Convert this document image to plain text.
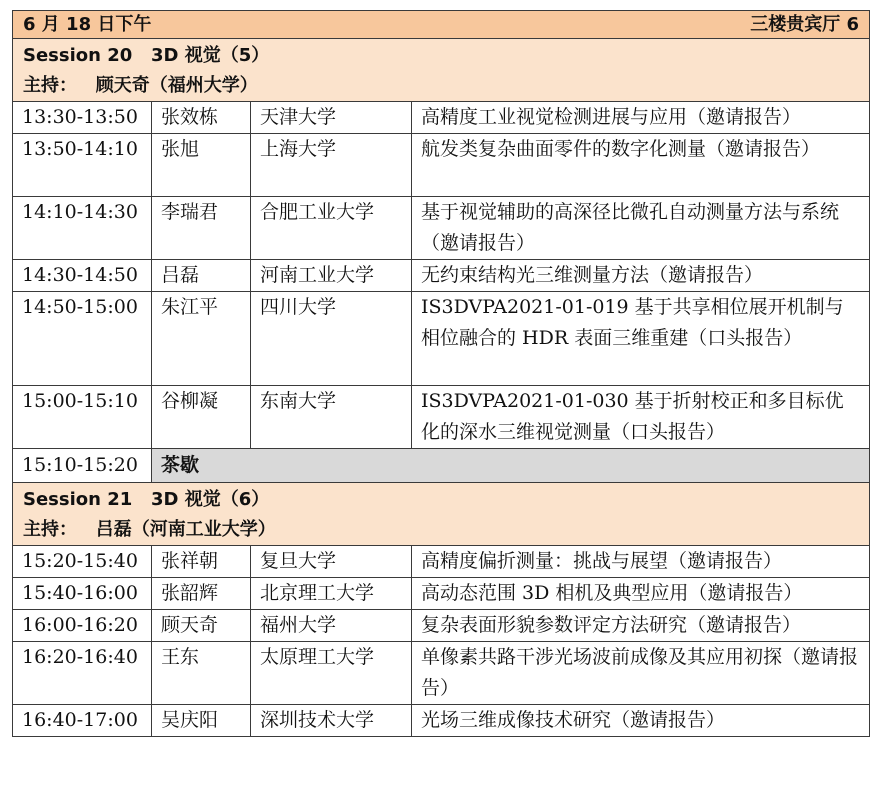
6 月 18 日下午 三楼贵宾厅 6			

Session 20 3D 视觉（5）
主持：   顾天奇（福州大学）			

13:30-13:50	张效栋	天津大学	高精度工业视觉检测进展与应用（邀请报告）
13:50-14:10	张旭	上海大学	航发类复杂曲面零件的数字化测量（邀请报告）
14:10-14:30	李瑞君	合肥工业大学	基于视觉辅助的高深径比微孔自动测量方法与系统（邀请报告）
14:30-14:50	吕磊	河南工业大学	无约束结构光三维测量方法（邀请报告）
14:50-15:00	朱江平	四川大学	IS3DVPA2021-01-019 基于共享相位展开机制与相位融合的 HDR 表面三维重建（口头报告）
15:00-15:10	谷柳凝	东南大学	IS3DVPA2021-01-030 基于折射校正和多目标优化的深水三维视觉测量（口头报告）
15:10-15:20	茶歇		

Session 21 3D 视觉（6）
主持：   吕磊（河南工业大学）			

15:20-15:40	张祥朝	复旦大学	高精度偏折测量：挑战与展望（邀请报告）
15:40-16:00	张韶辉	北京理工大学	高动态范围 3D 相机及典型应用（邀请报告）
16:00-16:20	顾天奇	福州大学	复杂表面形貌参数评定方法研究（邀请报告）
16:20-16:40	王东	太原理工大学	单像素共路干涉光场波前成像及其应用初探（邀请报告）
16:40-17:00	吴庆阳	深圳技术大学	光场三维成像技术研究（邀请报告）
